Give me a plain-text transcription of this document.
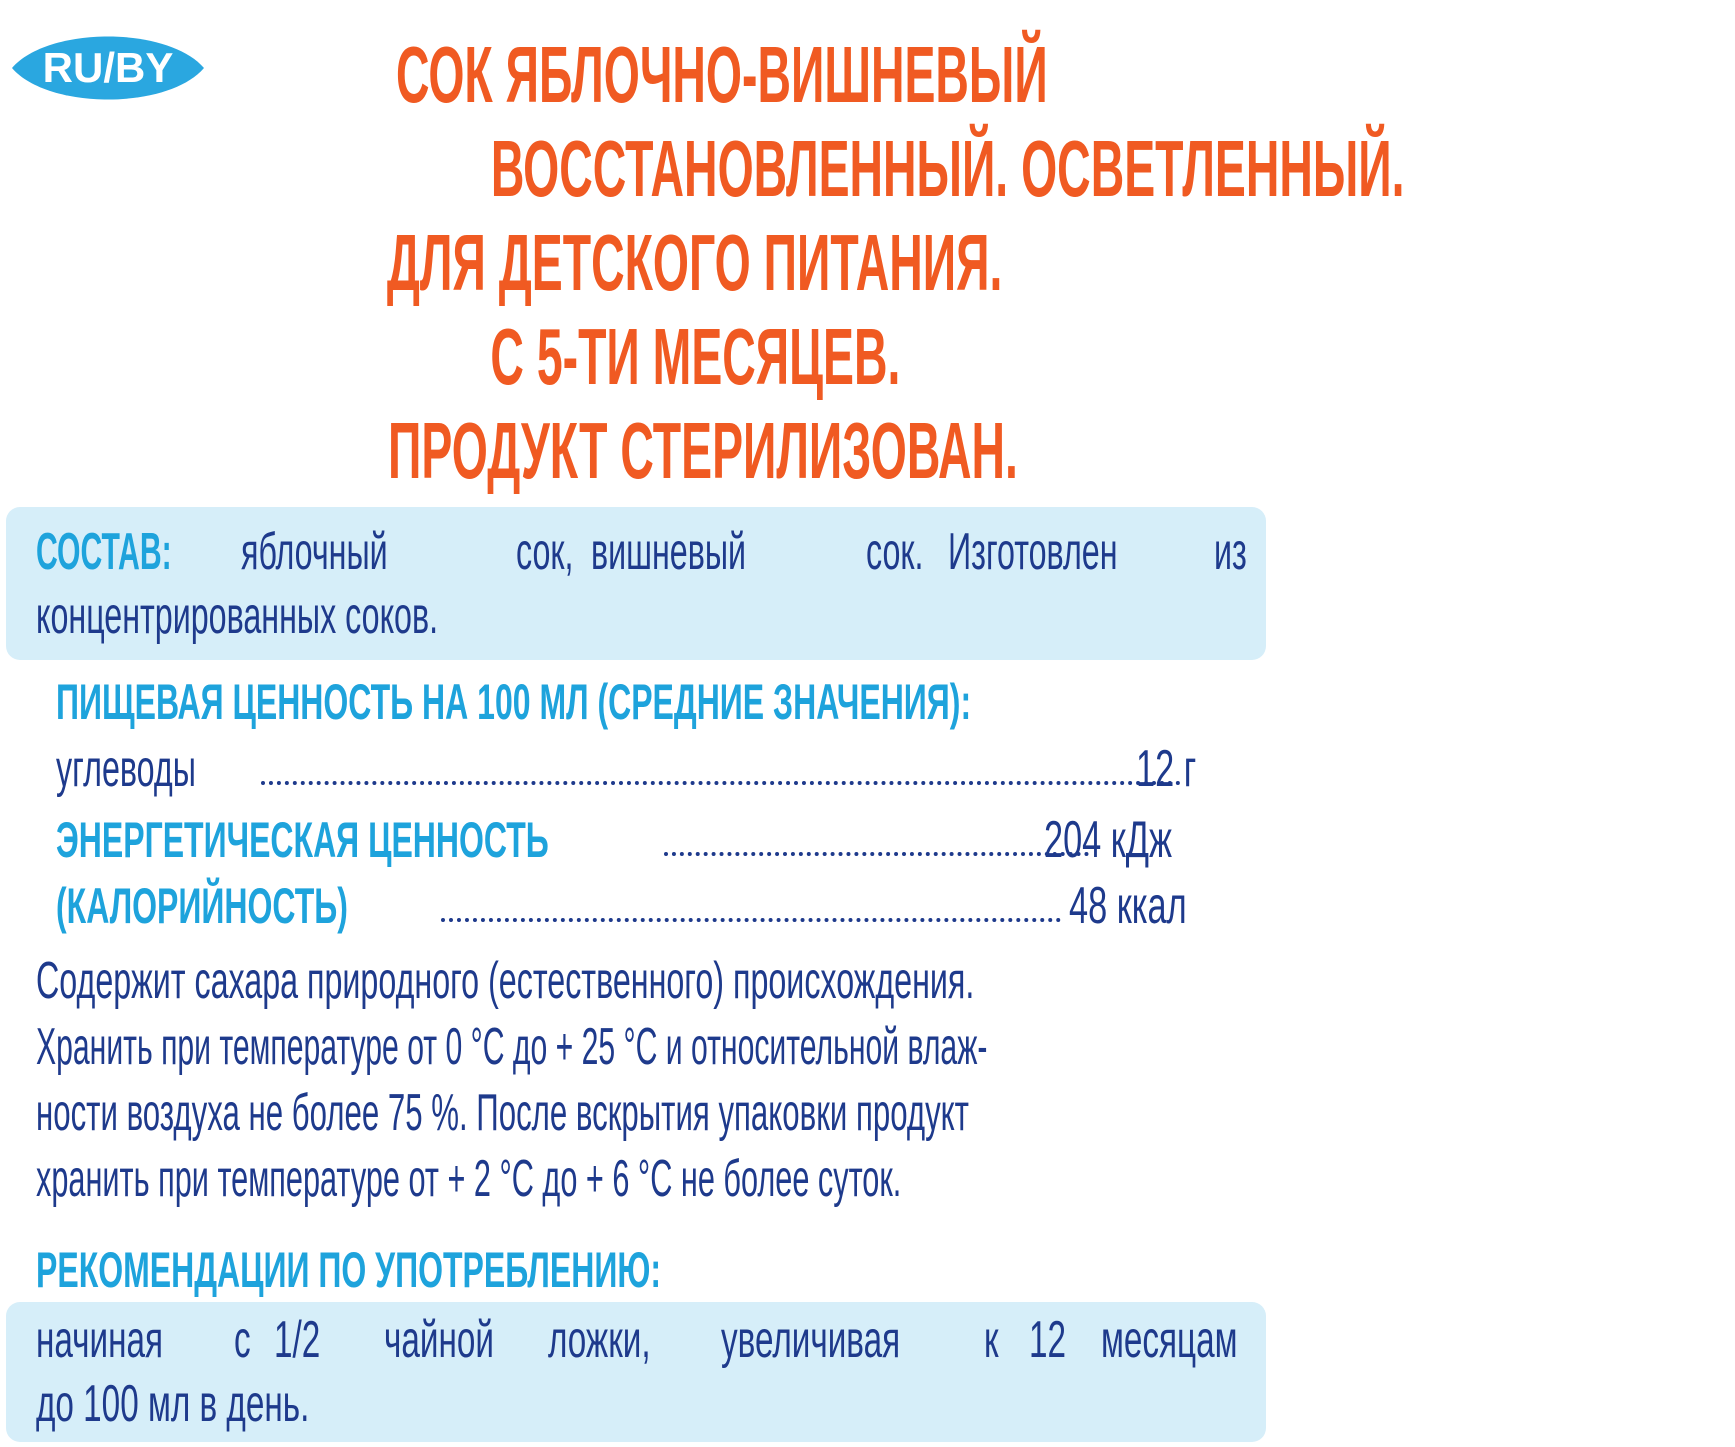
RU/BY	СОК ЯБЛОЧНО-ВИШНЕВЫЙ
ВОССТАНОВЛЕННЫЙ. ОСВЕТЛЕННЫЙ.
ДЛЯ ДЕТСКОГО ПИТАНИЯ.
С 5-ТИ МЕСЯЦЕВ.
ПРОДУКТ СТЕРИЛИЗОВАН.
СОСТАВ: яблочный сок, вишневый сок. Изготовлен из
концентрированных соков.
ПИЩЕВАЯ ЦЕННОСТЬ НА 100 МЛ (СРЕДНИЕ ЗНАЧЕНИЯ):
углеводы	12 г
ЭНЕРГЕТИЧЕСКАЯ ЦЕННОСТЬ	204 кДж
(КАЛОРИЙНОСТЬ)	48 ккал
Содержит сахара природного (естественного) происхождения.
Хранить при температуре от 0 °С до + 25 °С и относительной влаж-
ности воздуха не более 75 %. После вскрытия упаковки продукт
хранить при температуре от + 2 °С до + 6 °С не более суток.
РЕКОМЕНДАЦИИ ПО УПОТРЕБЛЕНИЮ:
начиная с 1/2 чайной ложки, увеличивая к 12 месяцам
до 100 мл в день.
